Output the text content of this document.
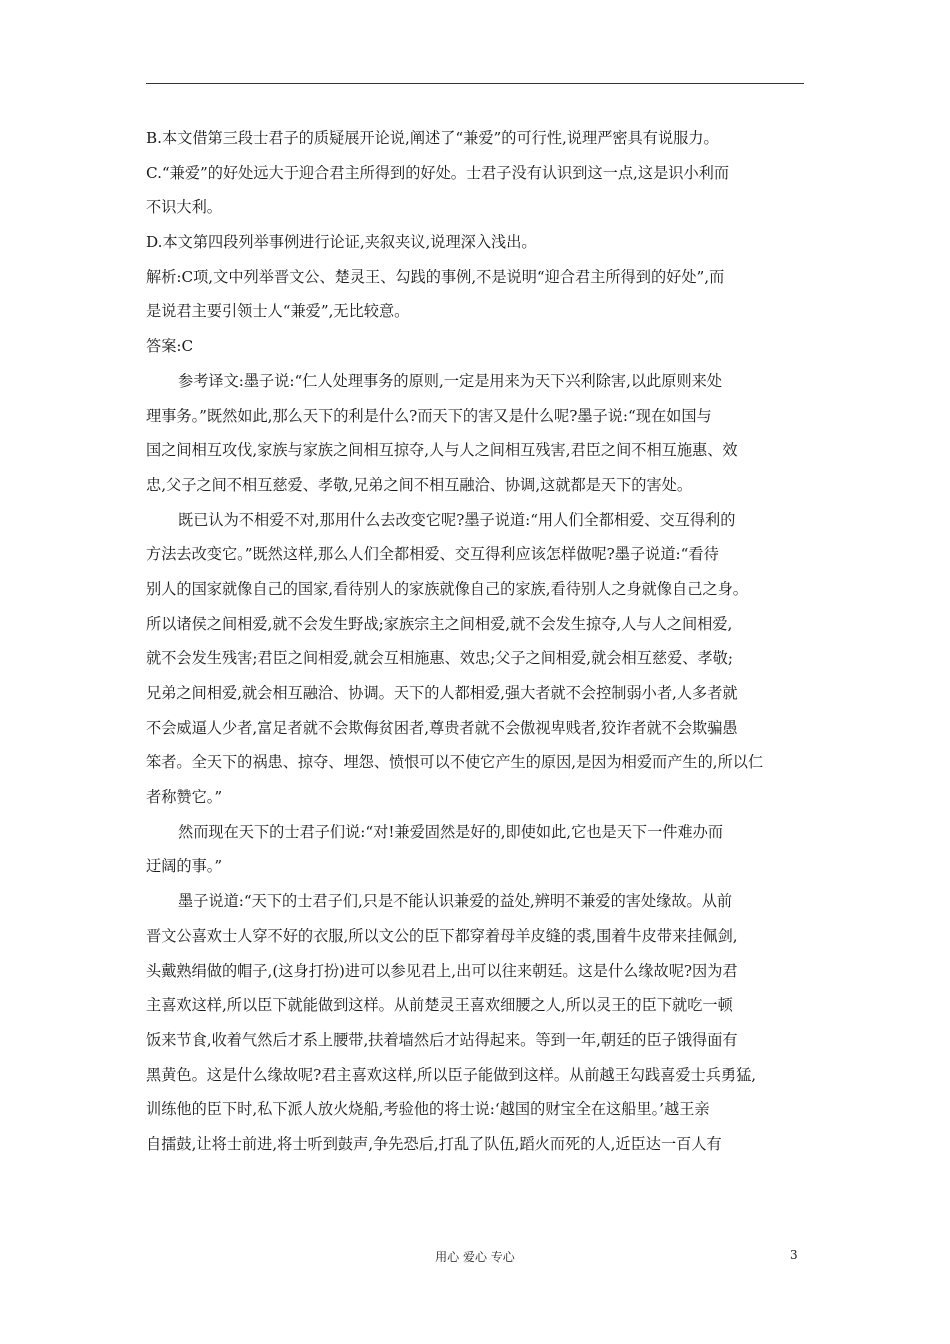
B.本文借第三段士君子的质疑展开论说,阐述了“兼爱”的可行性,说理严密具有说服力。
C.“兼爱”的好处远大于迎合君主所得到的好处。士君子没有认识到这一点,这是识小利而
不识大利。
D.本文第四段列举事例进行论证,夹叙夹议,说理深入浅出。
解析:C项,文中列举晋文公、楚灵王、勾践的事例,不是说明“迎合君主所得到的好处”,而
是说君主要引领士人“兼爱”,无比较意。
答案:C
参考译文:墨子说:“仁人处理事务的原则,一定是用来为天下兴利除害,以此原则来处
理事务。”既然如此,那么天下的利是什么?而天下的害又是什么呢?墨子说:“现在如国与
国之间相互攻伐,家族与家族之间相互掠夺,人与人之间相互残害,君臣之间不相互施惠、效
忠,父子之间不相互慈爱、孝敬,兄弟之间不相互融洽、协调,这就都是天下的害处。
既已认为不相爱不对,那用什么去改变它呢?墨子说道:“用人们全都相爱、交互得利的
方法去改变它。”既然这样,那么人们全都相爱、交互得利应该怎样做呢?墨子说道:“看待
别人的国家就像自己的国家,看待别人的家族就像自己的家族,看待别人之身就像自己之身。
所以诸侯之间相爱,就不会发生野战;家族宗主之间相爱,就不会发生掠夺,人与人之间相爱,
就不会发生残害;君臣之间相爱,就会互相施惠、效忠;父子之间相爱,就会相互慈爱、孝敬;
兄弟之间相爱,就会相互融洽、协调。天下的人都相爱,强大者就不会控制弱小者,人多者就
不会威逼人少者,富足者就不会欺侮贫困者,尊贵者就不会傲视卑贱者,狡诈者就不会欺骗愚
笨者。全天下的祸患、掠夺、埋怨、愤恨可以不使它产生的原因,是因为相爱而产生的,所以仁
者称赞它。”
然而现在天下的士君子们说:“对!兼爱固然是好的,即使如此,它也是天下一件难办而
迂阔的事。”
墨子说道:“天下的士君子们,只是不能认识兼爱的益处,辨明不兼爱的害处缘故。从前
晋文公喜欢士人穿不好的衣服,所以文公的臣下都穿着母羊皮缝的裘,围着牛皮带来挂佩剑,
头戴熟绢做的帽子,(这身打扮)进可以参见君上,出可以往来朝廷。这是什么缘故呢?因为君
主喜欢这样,所以臣下就能做到这样。从前楚灵王喜欢细腰之人,所以灵王的臣下就吃一顿
饭来节食,收着气然后才系上腰带,扶着墙然后才站得起来。等到一年,朝廷的臣子饿得面有
黑黄色。这是什么缘故呢?君主喜欢这样,所以臣子能做到这样。从前越王勾践喜爱士兵勇猛,
训练他的臣下时,私下派人放火烧船,考验他的将士说:‘越国的财宝全在这船里。’越王亲
自擂鼓,让将士前进,将士听到鼓声,争先恐后,打乱了队伍,蹈火而死的人,近臣达一百人有
用心 爱心 专心	3
